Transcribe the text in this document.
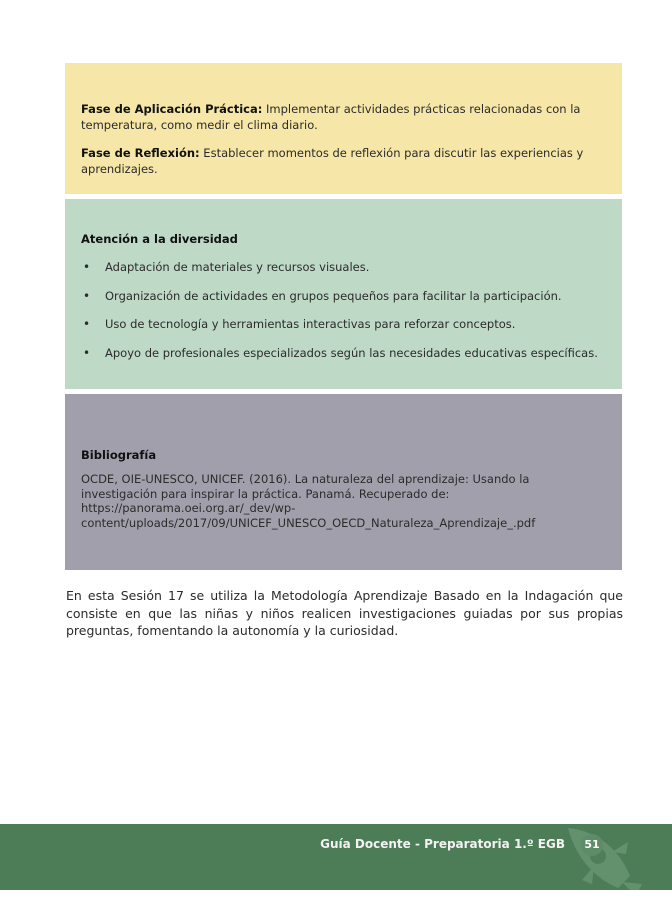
Fase de Aplicación Práctica: Implementar actividades prácticas relacionadas con la temperatura, como medir el clima diario.

Fase de Reflexión: Establecer momentos de reflexión para discutir las experiencias y aprendizajes.

Atención a la diversidad

• Adaptación de materiales y recursos visuales.
• Organización de actividades en grupos pequeños para facilitar la participación.
• Uso de tecnología y herramientas interactivas para reforzar conceptos.
• Apoyo de profesionales especializados según las necesidades educativas específicas.

Bibliografía

OCDE, OIE-UNESCO, UNICEF. (2016). La naturaleza del aprendizaje: Usando la investigación para inspirar la práctica. Panamá. Recuperado de: https://panorama.oei.org.ar/_dev/wp-content/uploads/2017/09/UNICEF_UNESCO_OECD_Naturaleza_Aprendizaje_.pdf

En esta Sesión 17 se utiliza la Metodología Aprendizaje Basado en la Indagación que consiste en que las niñas y niños realicen investigaciones guiadas por sus propias preguntas, fomentando la autonomía y la curiosidad.

Guía Docente - Preparatoria 1.º EGB	51
